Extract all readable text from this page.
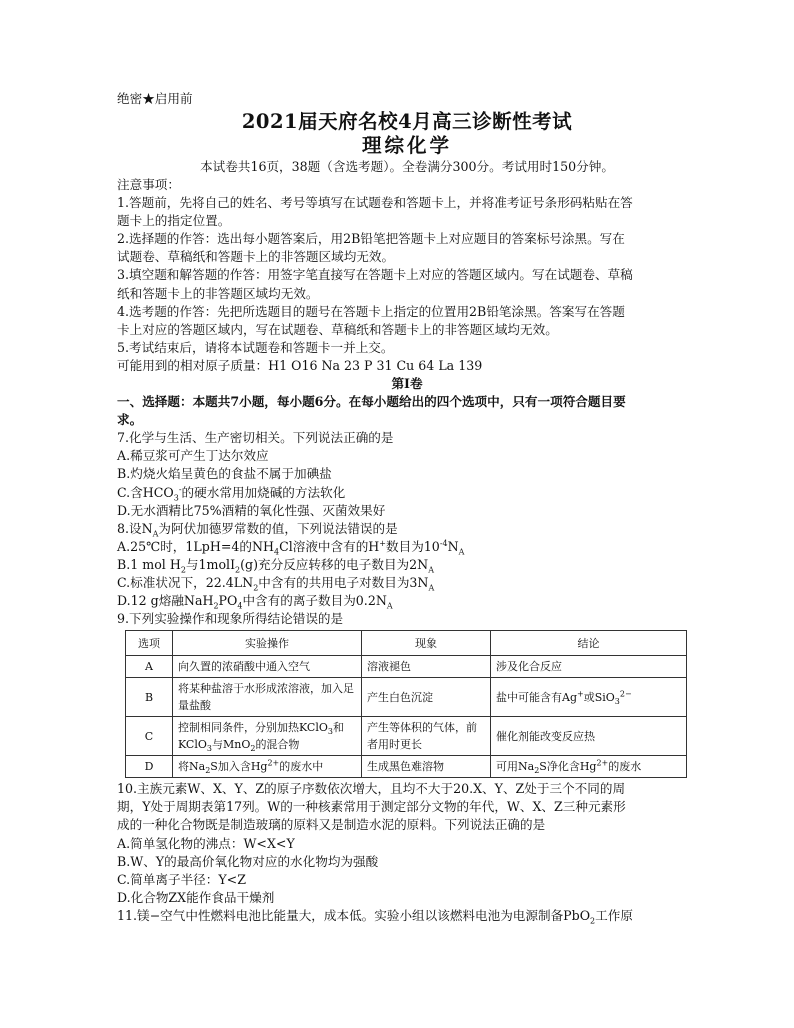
绝密★启用前
2021届天府名校4月高三诊断性考试
理综化学
本试卷共16页，38题（含选考题）。全卷满分300分。考试用时150分钟。
注意事项：
1.答题前，先将自己的姓名、考号等填写在试题卷和答题卡上，并将准考证号条形码粘贴在答
题卡上的指定位置。
2.选择题的作答：选出每小题答案后，用2B铅笔把答题卡上对应题目的答案标号涂黑。写在
试题卷、草稿纸和答题卡上的非答题区域均无效。
3.填空题和解答题的作答：用签字笔直接写在答题卡上对应的答题区域内。写在试题卷、草稿
纸和答题卡上的非答题区域均无效。
4.选考题的作答：先把所选题目的题号在答题卡上指定的位置用2B铅笔涂黑。答案写在答题
卡上对应的答题区域内，写在试题卷、草稿纸和答题卡上的非答题区域均无效。
5.考试结束后，请将本试题卷和答题卡一并上交。
可能用到的相对原子质量：H1 O16 Na 23 P 31 Cu 64 La 139
第Ⅰ卷
一、选择题：本题共7小题，每小题6分。在每小题给出的四个选项中，只有一项符合题目要
求。
7.化学与生活、生产密切相关。下列说法正确的是
A.稀豆浆可产生丁达尔效应
B.灼烧火焰呈黄色的食盐不属于加碘盐
C.含$HCO_3^-$的硬水常用加烧碱的方法软化
D.无水酒精比75%酒精的氧化性强、灭菌效果好
8.设$N_A$为阿伏加德罗常数的值，下列说法错误的是
A.25℃时，1LpH=4的$NH_4Cl$溶液中含有的H+数目为$10^{-4}N_A$
B.1 mol $H_2$与1molI$_2$(g)充分反应转移的电子数目为$2N_A$
C.标准状况下，$22.4LN_2$中含有的共用电子对数目为$3N_A$
D.12 g熔融$NaH_2PO_4$中含有的离子数目为$0.2N_A$
9.下列实验操作和现象所得结论错误的是
选项	实验操作	现象	结论
A	向久置的浓硝酸中通入空气	溶液褪色	涉及化合反应
B	将某种盐溶于水形成浓溶液，加入足量盐酸	产生白色沉淀	盐中可能含有Ag+或SiO$_3^{2-}$
C	控制相同条件，分别加热KClO$_3$和KClO$_3$与MnO$_2$的混合物	产生等体积的气体，前者用时更长	催化剂能改变反应热
D	将$Na_2S$加入含$Hg^{2+}$的废水中	生成黑色难溶物	可用$Na_2S$净化含$Hg^{2+}$的废水
10.主族元素W、X、Y、Z的原子序数依次增大，且均不大于20.X、Y、Z处于三个不同的周
期，Y处于周期表第17列。W的一种核素常用于测定部分文物的年代，W、X、Z三种元素形
成的一种化合物既是制造玻璃的原料又是制造水泥的原料。下列说法正确的是
A.简单氢化物的沸点：W<X<Y
B.W、Y的最高价氧化物对应的水化物均为强酸
C.简单离子半径：Y<Z
D.化合物ZX能作食品干燥剂
11.镁−空气中性燃料电池比能量大，成本低。实验小组以该燃料电池为电源制备PbO$_2$工作原
